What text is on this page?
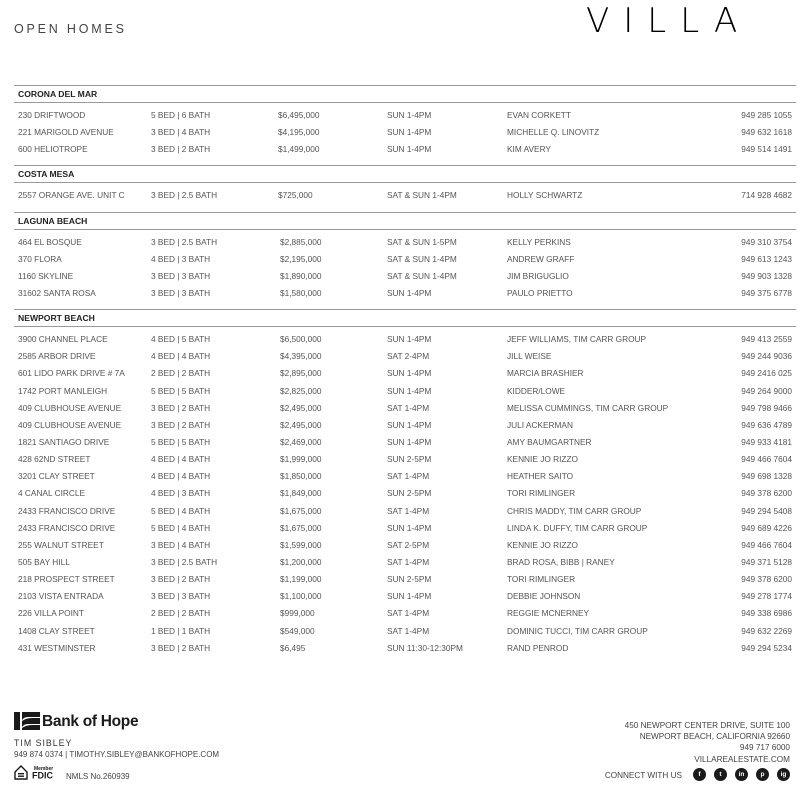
OPEN HOMES	VILLA
CORONA DEL MAR
230 DRIFTWOOD	5 BED | 6 BATH	$6,495,000	SUN 1-4PM	EVAN CORKETT	949 285 1055
221 MARIGOLD AVENUE	3 BED | 4 BATH	$4,195,000	SUN 1-4PM	MICHELLE Q. LINOVITZ	949 632 1618
600 HELIOTROPE	3 BED | 2 BATH	$1,499,000	SUN 1-4PM	KIM AVERY	949 514 1491
COSTA MESA
2557 ORANGE AVE. UNIT C	3 BED | 2.5 BATH	$725,000	SAT & SUN 1-4PM	HOLLY SCHWARTZ	714 928 4682
LAGUNA BEACH
464 EL BOSQUE	3 BED | 2.5 BATH	$2,885,000	SAT & SUN 1-5PM	KELLY PERKINS	949 310 3754
370 FLORA	4 BED | 3 BATH	$2,195,000	SAT & SUN 1-4PM	ANDREW GRAFF	949 613 1243
1160 SKYLINE	3 BED | 3 BATH	$1,890,000	SAT & SUN 1-4PM	JIM BRIGUGLIO	949 903 1328
31602 SANTA ROSA	3 BED | 3 BATH	$1,580,000	SUN 1-4PM	PAULO PRIETTO	949 375 6778
NEWPORT BEACH
3900 CHANNEL PLACE	4 BED | 5 BATH	$6,500,000	SUN 1-4PM	JEFF WILLIAMS, TIM CARR GROUP	949 413 2559
2585 ARBOR DRIVE	4 BED | 4 BATH	$4,395,000	SAT 2-4PM	JILL WEISE	949 244 9036
601 LIDO PARK DRIVE # 7A	2 BED | 2 BATH	$2,895,000	SUN 1-4PM	MARCIA BRASHIER	949 2416 025
1742 PORT MANLEIGH	5 BED | 5 BATH	$2,825,000	SUN 1-4PM	KIDDER/LOWE	949 264 9000
409 CLUBHOUSE AVENUE	3 BED | 2 BATH	$2,495,000	SAT 1-4PM	MELISSA CUMMINGS, TIM CARR GROUP	949 798 9466
409 CLUBHOUSE AVENUE	3 BED | 2 BATH	$2,495,000	SUN 1-4PM	JULI ACKERMAN	949 636 4789
1821 SANTIAGO DRIVE	5 BED | 5 BATH	$2,469,000	SUN 1-4PM	AMY BAUMGARTNER	949 933 4181
428 62ND STREET	4 BED | 4 BATH	$1,999,000	SUN 2-5PM	KENNIE JO RIZZO	949 466 7604
3201 CLAY STREET	4 BED | 4 BATH	$1,850,000	SAT 1-4PM	HEATHER SAITO	949 698 1328
4 CANAL CIRCLE	4 BED | 3 BATH	$1,849,000	SUN 2-5PM	TORI RIMLINGER	949 378 6200
2433 FRANCISCO DRIVE	5 BED | 4 BATH	$1,675,000	SAT 1-4PM	CHRIS MADDY, TIM CARR GROUP	949 294 5408
2433 FRANCISCO DRIVE	5 BED | 4 BATH	$1,675,000	SUN 1-4PM	LINDA K. DUFFY, TIM CARR GROUP	949 689 4226
255 WALNUT STREET	3 BED | 4 BATH	$1,599,000	SAT 2-5PM	KENNIE JO RIZZO	949 466 7604
505 BAY HILL	3 BED | 2.5 BATH	$1,200,000	SAT 1-4PM	BRAD ROSA, BIBB | RANEY	949 371 5128
218 PROSPECT STREET	3 BED | 2 BATH	$1,199,000	SUN 2-5PM	TORI RIMLINGER	949 378 6200
2103 VISTA ENTRADA	3 BED | 3 BATH	$1,100,000	SUN 1-4PM	DEBBIE JOHNSON	949 278 1774
226 VILLA POINT	2 BED | 2 BATH	$999,000	SAT 1-4PM	REGGIE MCNERNEY	949 338 6986
1408 CLAY STREET	1 BED | 1 BATH	$549,000	SAT 1-4PM	DOMINIC TUCCI, TIM CARR GROUP	949 632 2269
431 WESTMINSTER	3 BED | 2 BATH	$6,495	SUN 11:30-12:30PM	RAND PENROD	949 294 5234
Bank of Hope
TIM SIBLEY
949 874 0374 | TIMOTHY.SIBLEY@BANKOFHOPE.COM
Member
FDIC NMLS No.260939
450 NEWPORT CENTER DRIVE, SUITE 100
NEWPORT BEACH, CALIFORNIA 92660
949 717 6000
VILLAREALESTATE.COM
CONNECT WITH US	f	t	in	p	ig
